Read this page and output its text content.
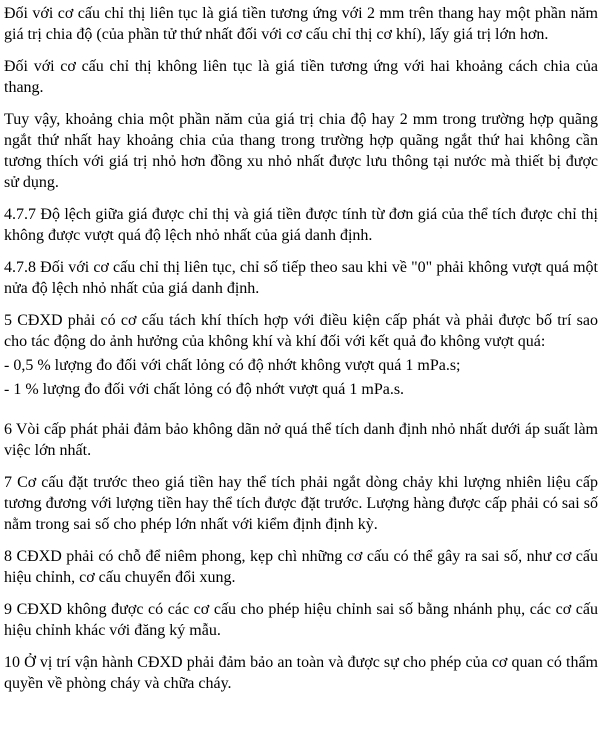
Đối với cơ cấu chỉ thị liên tục là giá tiền tương ứng với 2 mm trên thang hay một phần năm giá trị chia độ (của phần tử thứ nhất đối với cơ cấu chỉ thị cơ khí), lấy giá trị lớn hơn.

Đối với cơ cấu chỉ thị không liên tục là giá tiền tương ứng với hai khoảng cách chia của thang.

Tuy vậy, khoảng chia một phần năm của giá trị chia độ hay 2 mm trong trường hợp quãng ngắt thứ nhất hay khoảng chia của thang trong trường hợp quãng ngắt thứ hai không cần tương thích với giá trị nhỏ hơn đồng xu nhỏ nhất được lưu thông tại nước mà thiết bị được sử dụng.

4.7.7 Độ lệch giữa giá được chỉ thị và giá tiền được tính từ đơn giá của thể tích được chỉ thị không được vượt quá độ lệch nhỏ nhất của giá danh định.

4.7.8 Đối với cơ cấu chỉ thị liên tục, chỉ số tiếp theo sau khi về "0" phải không vượt quá một nửa độ lệch nhỏ nhất của giá danh định.

5 CĐXD phải có cơ cấu tách khí thích hợp với điều kiện cấp phát và phải được bố trí sao cho tác động do ảnh hưởng của không khí và khí đối với kết quả đo không vượt quá:

- 0,5 % lượng đo đối với chất lỏng có độ nhớt không vượt quá 1 mPa.s;

- 1 % lượng đo đối với chất lỏng có độ nhớt vượt quá 1 mPa.s.

6 Vòi cấp phát phải đảm bảo không dãn nở quá thể tích danh định nhỏ nhất dưới áp suất làm việc lớn nhất.

7 Cơ cấu đặt trước theo giá tiền hay thể tích phải ngắt dòng chảy khi lượng nhiên liệu cấp tương đương với lượng tiền hay thể tích được đặt trước. Lượng hàng được cấp phải có sai số nằm trong sai số cho phép lớn nhất với kiểm định định kỳ.

8 CĐXD phải có chỗ để niêm phong, kẹp chì những cơ cấu có thể gây ra sai số, như cơ cấu hiệu chỉnh, cơ cấu chuyển đổi xung.

9 CĐXD không được có các cơ cấu cho phép hiệu chỉnh sai số bằng nhánh phụ, các cơ cấu hiệu chỉnh khác với đăng ký mẫu.

10 Ở vị trí vận hành CĐXD phải đảm bảo an toàn và được sự cho phép của cơ quan có thẩm quyền về phòng cháy và chữa cháy.
